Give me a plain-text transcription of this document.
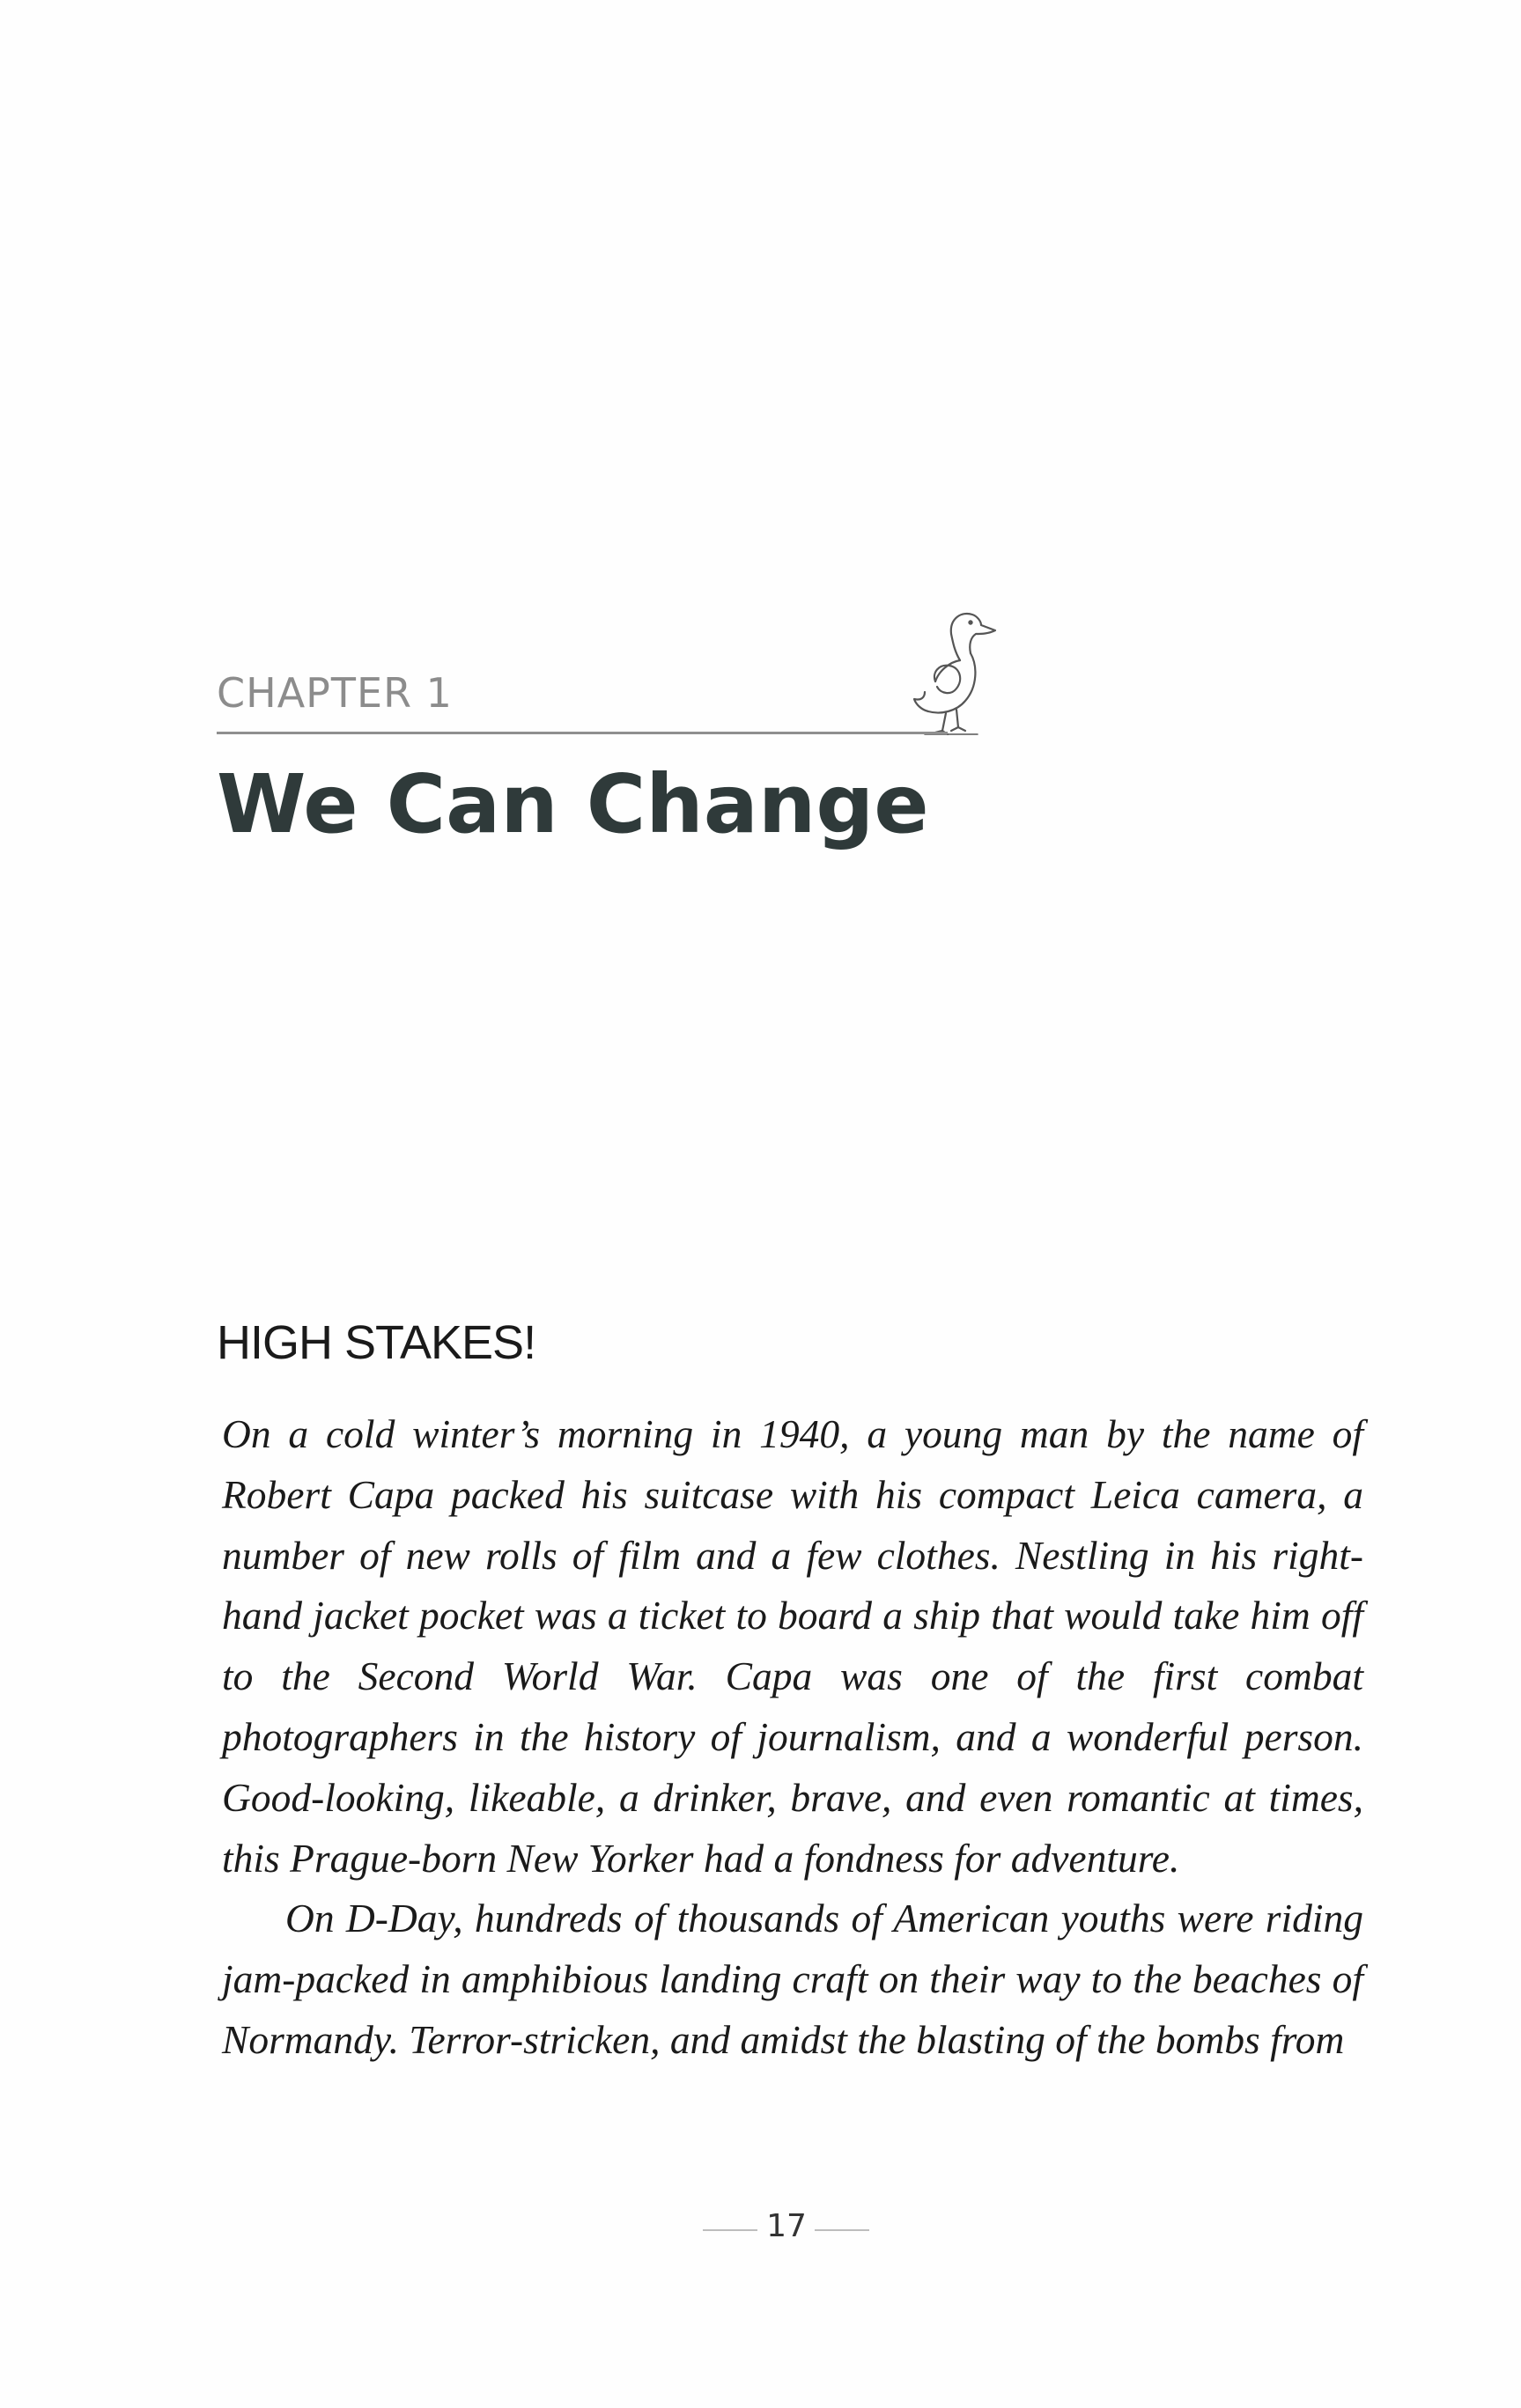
CHAPTER 1
We Can Change
HIGH STAKES!

On a cold winter’s morning in 1940, a young man by the name of Robert Capa packed his suitcase with his compact Leica camera, a number of new rolls of film and a few clothes. Nestling in his right-hand jacket pocket was a ticket to board a ship that would take him off to the Second World War. Capa was one of the first combat photographers in the history of journalism, and a wonderful person. Good-looking, likeable, a drinker, brave, and even romantic at times, this Prague-born New Yorker had a fondness for adventure.

On D-Day, hundreds of thousands of American youths were riding jam-packed in amphibious landing craft on their way to the beaches of Normandy. Terror-stricken, and amidst the blasting of the bombs from

17
